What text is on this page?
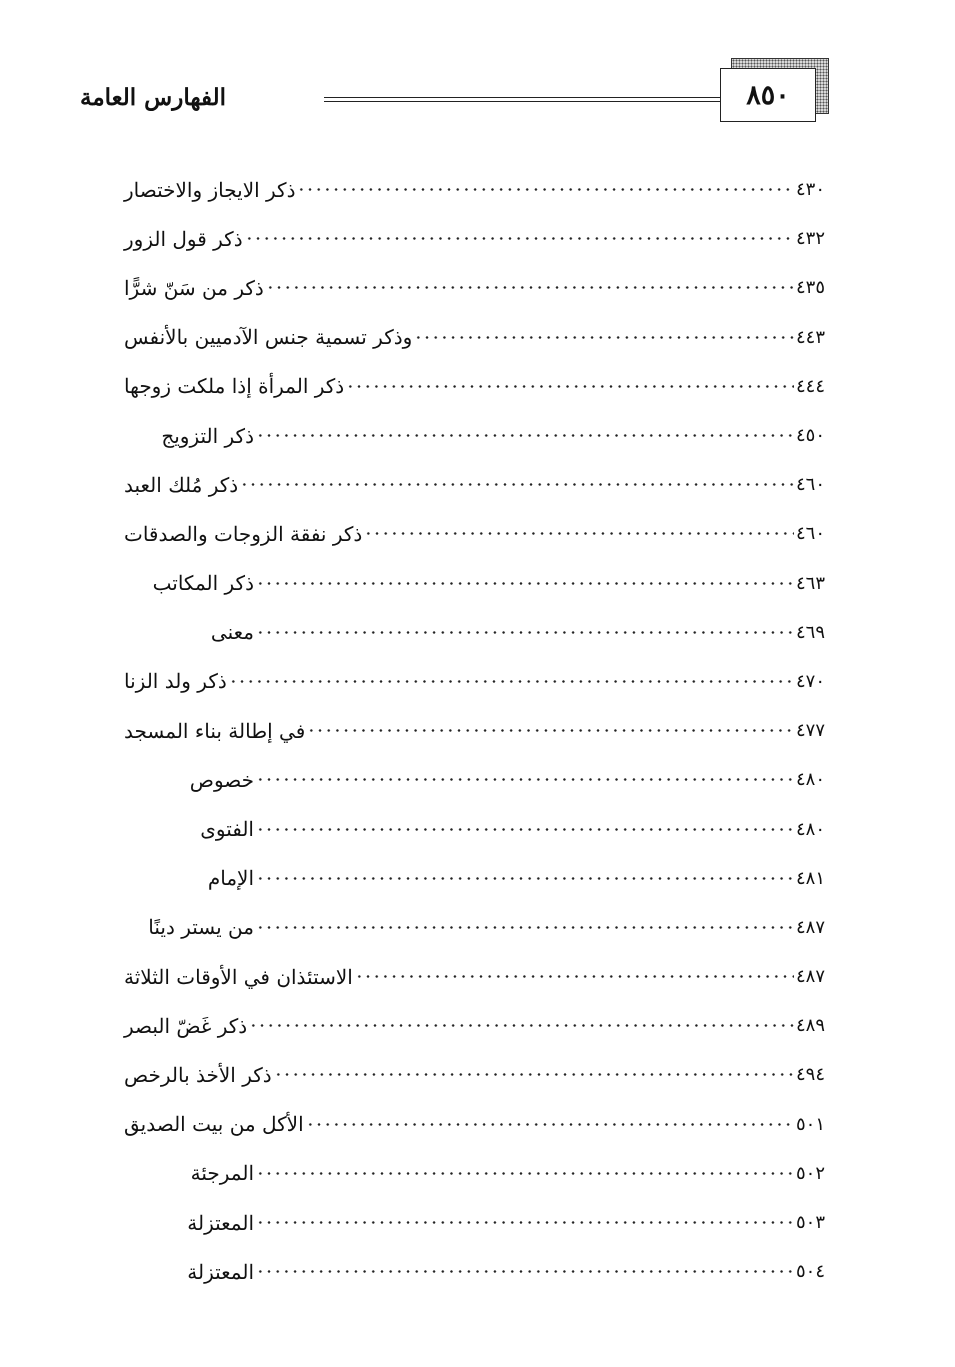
الفهارس العامة	٨٥٠
ذكر الايجاز والاختصار	٤٣٠
ذكر قول الزور	٤٣٢
ذكر من سَنّ شرًّا	٤٣٥
وذكر تسمية جنس الآدميين بالأنفس	٤٤٣
ذكر المرأة إذا ملكت زوجها	٤٤٤
ذكر التزويج	٤٥٠
ذكر مُلك العبد	٤٦٠
ذكر نفقة الزوجات والصدقات	٤٦٠
ذكر المكاتب	٤٦٣
معنى	٤٦٩
ذكر ولد الزنا	٤٧٠
في إطالة بناء المسجد	٤٧٧
خصوص	٤٨٠
الفتوى	٤٨٠
الإمام	٤٨١
من يستر دينًا	٤٨٧
الاستئذان في الأوقات الثلاثة	٤٨٧
ذكر غَضّ البصر	٤٨٩
ذكر الأخذ بالرخص	٤٩٤
الأكل من بيت الصديق	٥٠١
المرجئة	٥٠٢
المعتزلة	٥٠٣
المعتزلة	٥٠٤
